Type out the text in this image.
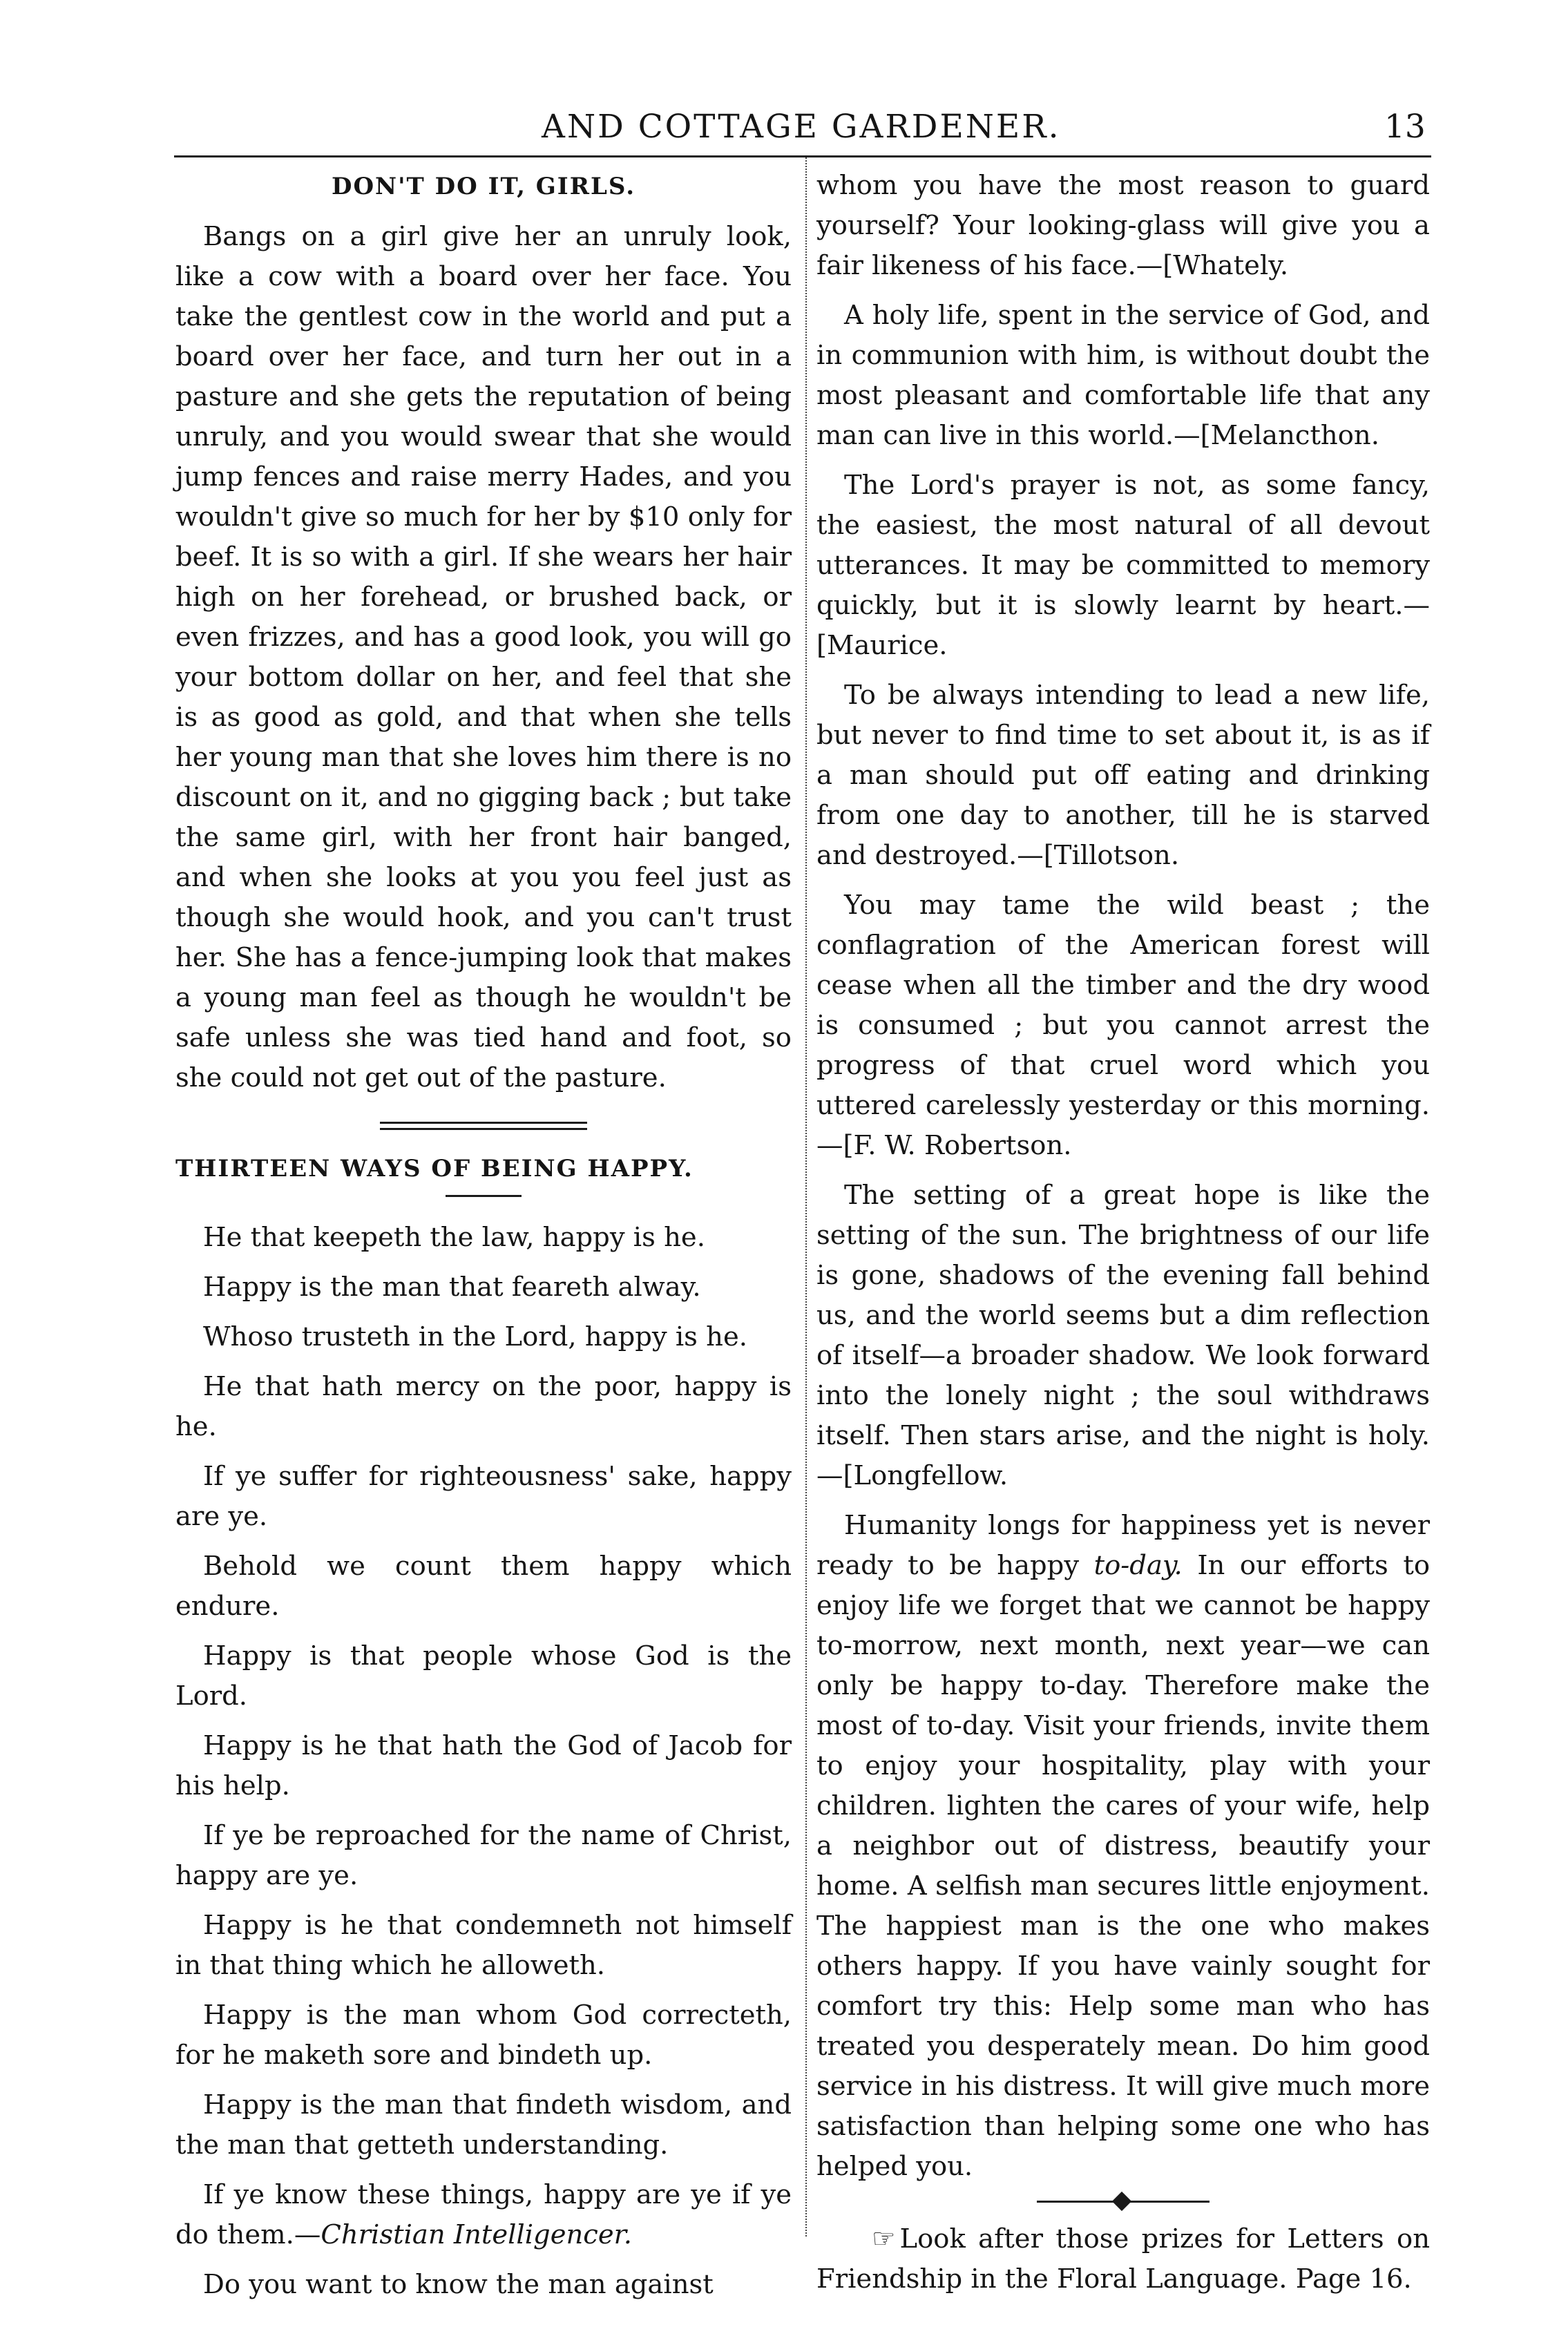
AND COTTAGE GARDENER.	13
DON'T DO IT, GIRLS.

Bangs on a girl give her an unruly look, like a cow with a board over her face. You take the gentlest cow in the world and put a board over her face, and turn her out in a pasture and she gets the reputation of being unruly, and you would swear that she would jump fences and raise merry Hades, and you wouldn't give so much for her by $10 only for beef. It is so with a girl. If she wears her hair high on her forehead, or brushed back, or even frizzes, and has a good look, you will go your bottom dollar on her, and feel that she is as good as gold, and that when she tells her young man that she loves him there is no discount on it, and no gigging back ; but take the same girl, with her front hair banged, and when she looks at you you feel just as though she would hook, and you can't trust her. She has a fence-jumping look that makes a young man feel as though he wouldn't be safe unless she was tied hand and foot, so she could not get out of the pasture.

THIRTEEN WAYS OF BEING HAPPY.

He that keepeth the law, happy is he.

Happy is the man that feareth alway.

Whoso trusteth in the Lord, happy is he.

He that hath mercy on the poor, happy is he.

If ye suffer for righteousness' sake, happy are ye.

Behold we count them happy which endure.

Happy is that people whose God is the Lord.

Happy is he that hath the God of Jacob for his help.

If ye be reproached for the name of Christ, happy are ye.

Happy is he that condemneth not himself in that thing which he alloweth.

Happy is the man whom God correcteth, for he maketh sore and bindeth up.

Happy is the man that findeth wisdom, and the man that getteth understanding.

If ye know these things, happy are ye if ye do them.—Christian Intelligencer.

Do you want to know the man against

whom you have the most reason to guard yourself? Your looking-glass will give you a fair likeness of his face.—[Whately.

A holy life, spent in the service of God, and in communion with him, is without doubt the most pleasant and comfortable life that any man can live in this world.—[Melancthon.

The Lord's prayer is not, as some fancy, the easiest, the most natural of all devout utterances. It may be committed to memory quickly, but it is slowly learnt by heart.—[Maurice.

To be always intending to lead a new life, but never to find time to set about it, is as if a man should put off eating and drinking from one day to another, till he is starved and destroyed.—[Tillotson.

You may tame the wild beast ; the conflagration of the American forest will cease when all the timber and the dry wood is consumed ; but you cannot arrest the progress of that cruel word which you uttered carelessly yesterday or this morning.—[F. W. Robertson.

The setting of a great hope is like the setting of the sun. The brightness of our life is gone, shadows of the evening fall behind us, and the world seems but a dim reflection of itself—a broader shadow. We look forward into the lonely night ; the soul withdraws itself. Then stars arise, and the night is holy.—[Longfellow.

Humanity longs for happiness yet is never ready to be happy to-day. In our efforts to enjoy life we forget that we cannot be happy to-morrow, next month, next year—we can only be happy to-day. Therefore make the most of to-day. Visit your friends, invite them to enjoy your hospitality, play with your children. lighten the cares of your wife, help a neighbor out of distress, beautify your home. A selfish man secures little enjoyment. The happiest man is the one who makes others happy. If you have vainly sought for comfort try this: Help some man who has treated you desperately mean. Do him good service in his distress. It will give much more satisfaction than helping some one who has helped you.

☞ Look after those prizes for Letters on Friendship in the Floral Language. Page 16.
